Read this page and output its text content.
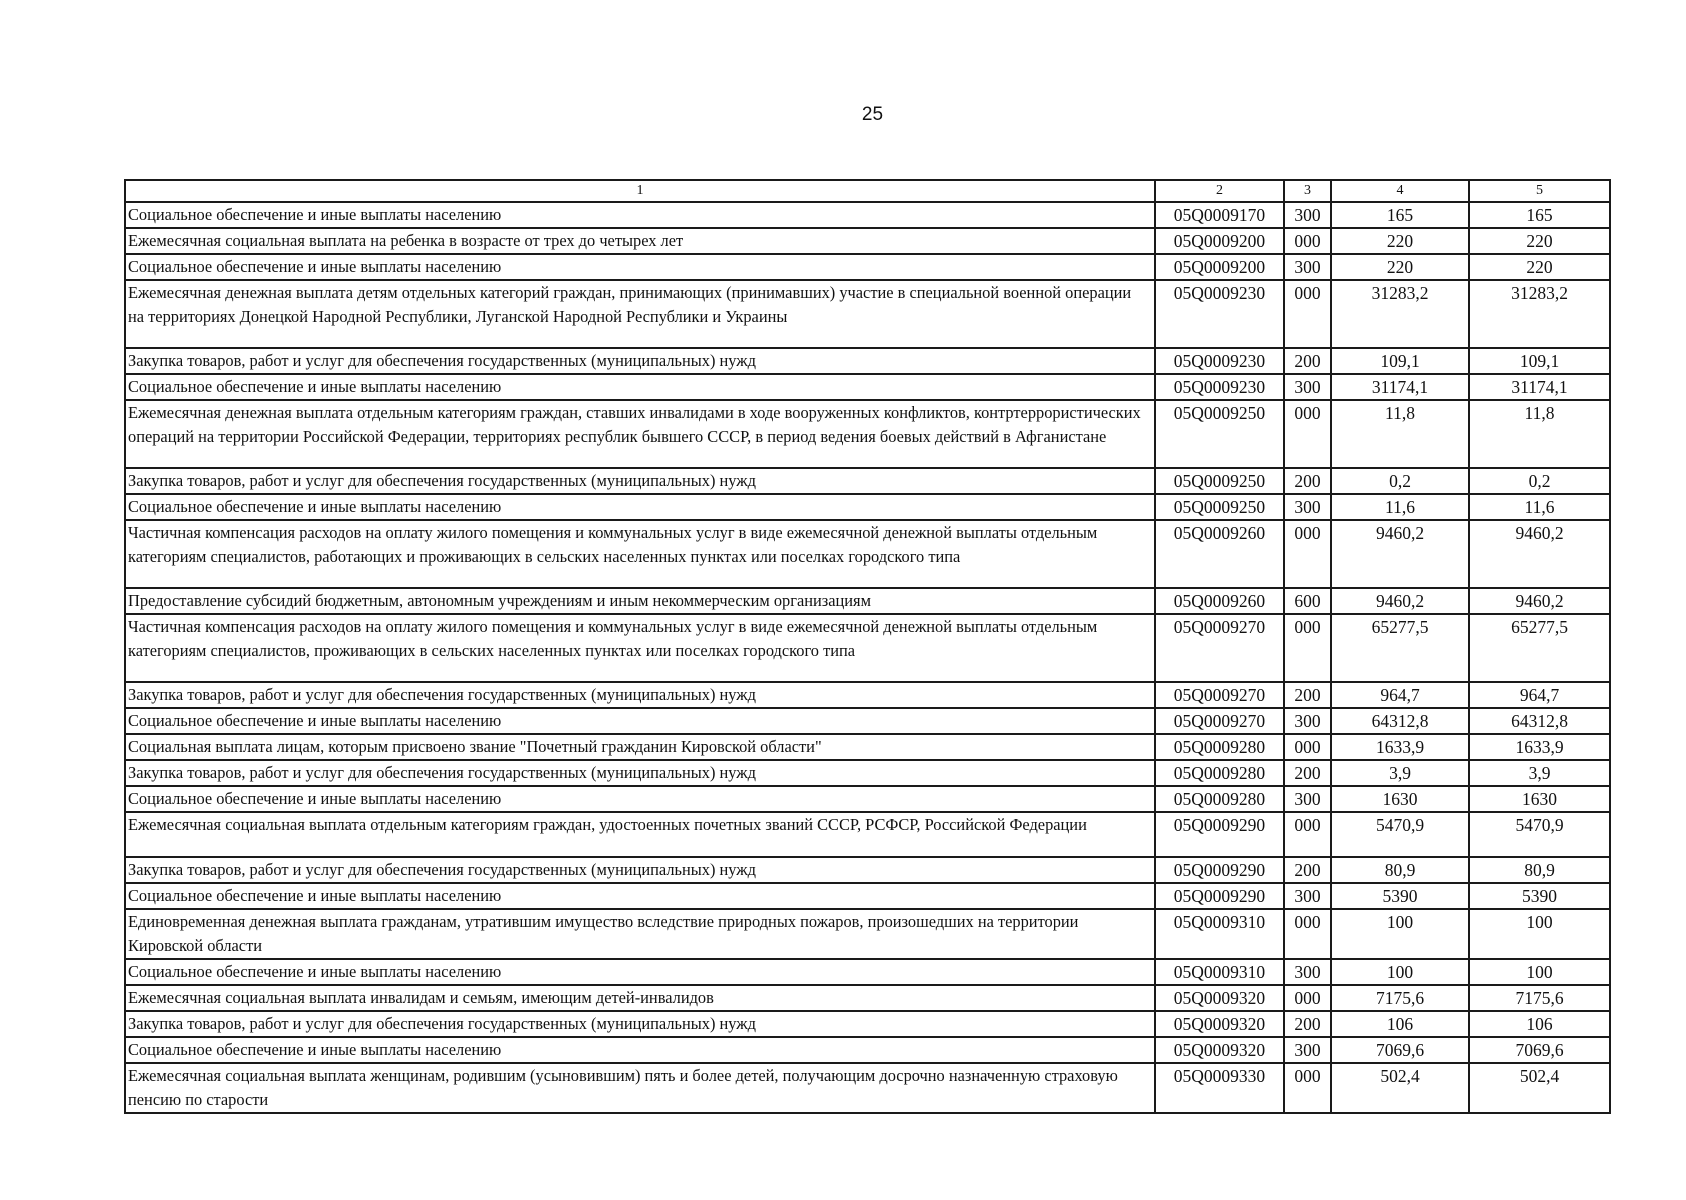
25
1	2	3	4	5
Социальное обеспечение и иные выплаты населению	05Q0009170	300	165	165
Ежемесячная социальная выплата на ребенка в возрасте от трех до четырех лет	05Q0009200	000	220	220
Социальное обеспечение и иные выплаты населению	05Q0009200	300	220	220
Ежемесячная денежная выплата детям отдельных категорий граждан, принимающих (принимавших) участие в специальной военной операции на территориях Донецкой Народной Республики, Луганской Народной Республики и Украины	05Q0009230	000	31283,2	31283,2
Закупка товаров, работ и услуг для обеспечения государственных (муниципальных) нужд	05Q0009230	200	109,1	109,1
Социальное обеспечение и иные выплаты населению	05Q0009230	300	31174,1	31174,1
Ежемесячная денежная выплата отдельным категориям граждан, ставших инвалидами в ходе вооруженных конфликтов, контртеррористических операций на территории Российской Федерации, территориях республик бывшего СССР, в период ведения боевых действий в Афганистане	05Q0009250	000	11,8	11,8
Закупка товаров, работ и услуг для обеспечения государственных (муниципальных) нужд	05Q0009250	200	0,2	0,2
Социальное обеспечение и иные выплаты населению	05Q0009250	300	11,6	11,6
Частичная компенсация расходов на оплату жилого помещения и коммунальных услуг в виде ежемесячной денежной выплаты отдельным категориям специалистов, работающих и проживающих в сельских населенных пунктах или поселках городского типа	05Q0009260	000	9460,2	9460,2
Предоставление субсидий бюджетным, автономным учреждениям и иным некоммерческим организациям	05Q0009260	600	9460,2	9460,2
Частичная компенсация расходов на оплату жилого помещения и коммунальных услуг в виде ежемесячной денежной выплаты отдельным категориям специалистов, проживающих в сельских населенных пунктах или поселках городского типа	05Q0009270	000	65277,5	65277,5
Закупка товаров, работ и услуг для обеспечения государственных (муниципальных) нужд	05Q0009270	200	964,7	964,7
Социальное обеспечение и иные выплаты населению	05Q0009270	300	64312,8	64312,8
Социальная выплата лицам, которым присвоено звание "Почетный гражданин Кировской области"	05Q0009280	000	1633,9	1633,9
Закупка товаров, работ и услуг для обеспечения государственных (муниципальных) нужд	05Q0009280	200	3,9	3,9
Социальное обеспечение и иные выплаты населению	05Q0009280	300	1630	1630
Ежемесячная социальная выплата отдельным категориям граждан, удостоенных почетных званий СССР, РСФСР, Российской Федерации	05Q0009290	000	5470,9	5470,9
Закупка товаров, работ и услуг для обеспечения государственных (муниципальных) нужд	05Q0009290	200	80,9	80,9
Социальное обеспечение и иные выплаты населению	05Q0009290	300	5390	5390
Единовременная денежная выплата гражданам, утратившим имущество вследствие природных пожаров, произошедших на территории Кировской области	05Q0009310	000	100	100
Социальное обеспечение и иные выплаты населению	05Q0009310	300	100	100
Ежемесячная социальная выплата инвалидам и семьям, имеющим детей-инвалидов	05Q0009320	000	7175,6	7175,6
Закупка товаров, работ и услуг для обеспечения государственных (муниципальных) нужд	05Q0009320	200	106	106
Социальное обеспечение и иные выплаты населению	05Q0009320	300	7069,6	7069,6
Ежемесячная социальная выплата женщинам, родившим (усыновившим) пять и более детей, получающим досрочно назначенную страховую пенсию по старости	05Q0009330	000	502,4	502,4
